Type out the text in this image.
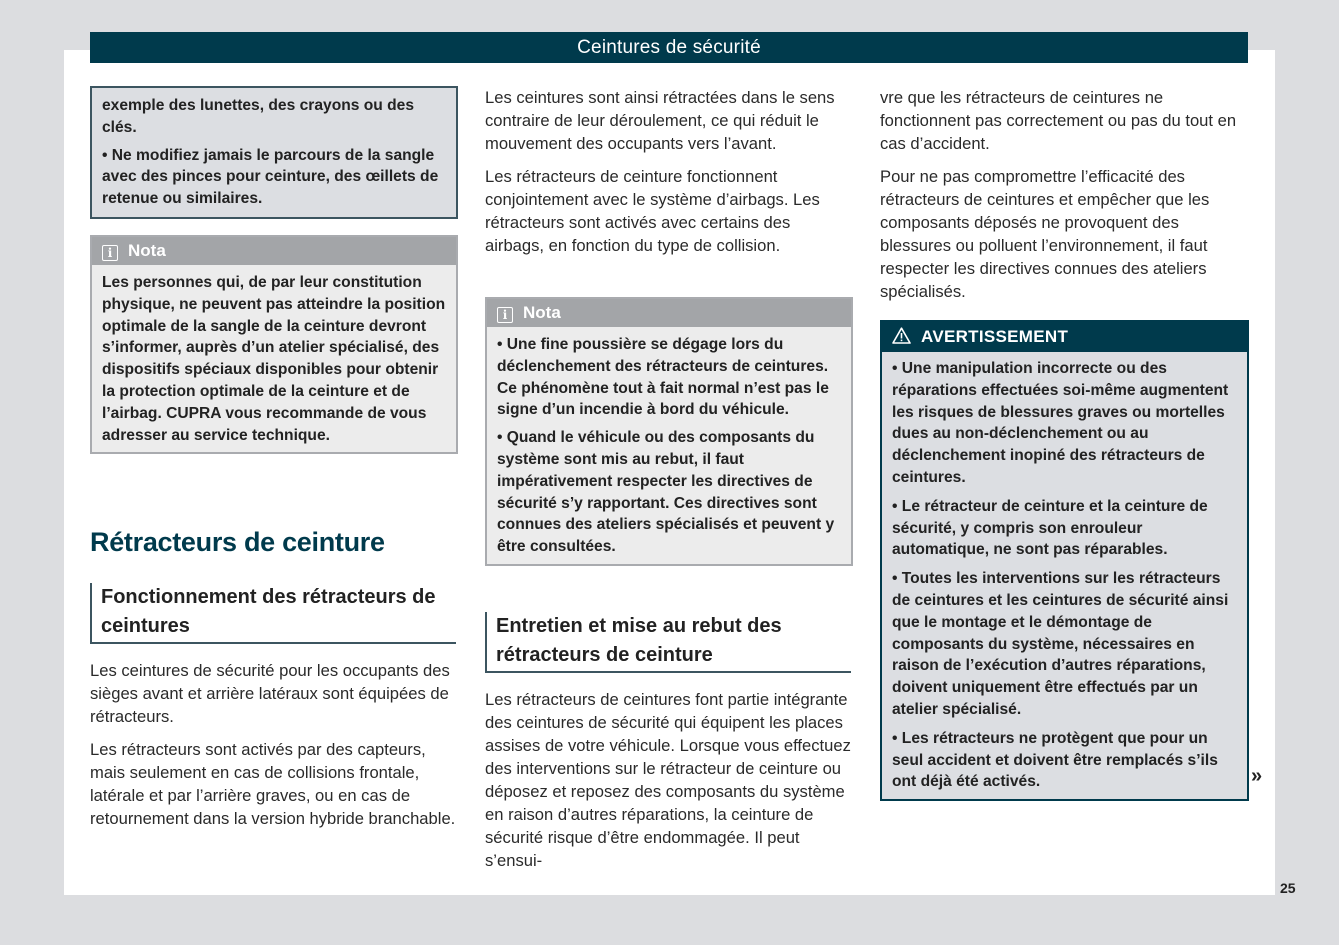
Ceintures de sécurité

exemple des lunettes, des crayons ou des clés.

• Ne modifiez jamais le parcours de la sangle avec des pinces pour ceinture, des œillets de retenue ou similaires.

i Nota

Les personnes qui, de par leur constitution physique, ne peuvent pas atteindre la position optimale de la sangle de la ceinture devront s’informer, auprès d’un atelier spécialisé, des dispositifs spéciaux disponibles pour obtenir la protection optimale de la ceinture et de l’airbag. CUPRA vous recommande de vous adresser au service technique.

Rétracteurs de ceinture
Fonctionnement des rétracteurs de ceintures

Les ceintures de sécurité pour les occupants des sièges avant et arrière latéraux sont équipées de rétracteurs.

Les rétracteurs sont activés par des capteurs, mais seulement en cas de collisions frontale, latérale et par l’arrière graves, ou en cas de retournement dans la version hybride branchable.

Les ceintures sont ainsi rétractées dans le sens contraire de leur déroulement, ce qui réduit le mouvement des occupants vers l’avant.

Les rétracteurs de ceinture fonctionnent conjointement avec le système d’airbags. Les rétracteurs sont activés avec certains des airbags, en fonction du type de collision.

i Nota

• Une fine poussière se dégage lors du déclenchement des rétracteurs de ceintures. Ce phénomène tout à fait normal n’est pas le signe d’un incendie à bord du véhicule.

• Quand le véhicule ou des composants du système sont mis au rebut, il faut impérativement respecter les directives de sécurité s’y rapportant. Ces directives sont connues des ateliers spécialisés et peuvent y être consultées.

Entretien et mise au rebut des rétracteurs de ceinture

Les rétracteurs de ceintures font partie intégrante des ceintures de sécurité qui équipent les places assises de votre véhicule. Lorsque vous effectuez des interventions sur le rétracteur de ceinture ou déposez et reposez des composants du système en raison d’autres réparations, la ceinture de sécurité risque d’être endommagée. Il peut s’ensui-

vre que les rétracteurs de ceintures ne fonctionnent pas correctement ou pas du tout en cas d’accident.

Pour ne pas compromettre l’efficacité des rétracteurs de ceintures et empêcher que les composants déposés ne provoquent des blessures ou polluent l’environnement, il faut respecter les directives connues des ateliers spécialisés.

AVERTISSEMENT

• Une manipulation incorrecte ou des réparations effectuées soi-même augmentent les risques de blessures graves ou mortelles dues au non-déclenchement ou au déclenchement inopiné des rétracteurs de ceintures.

• Le rétracteur de ceinture et la ceinture de sécurité, y compris son enrouleur automatique, ne sont pas réparables.

• Toutes les interventions sur les rétracteurs de ceintures et les ceintures de sécurité ainsi que le montage et le démontage de composants du système, nécessaires en raison de l’exécution d’autres réparations, doivent uniquement être effectués par un atelier spécialisé.

• Les rétracteurs ne protègent que pour un seul accident et doivent être remplacés s’ils ont déjà été activés.	»
25
